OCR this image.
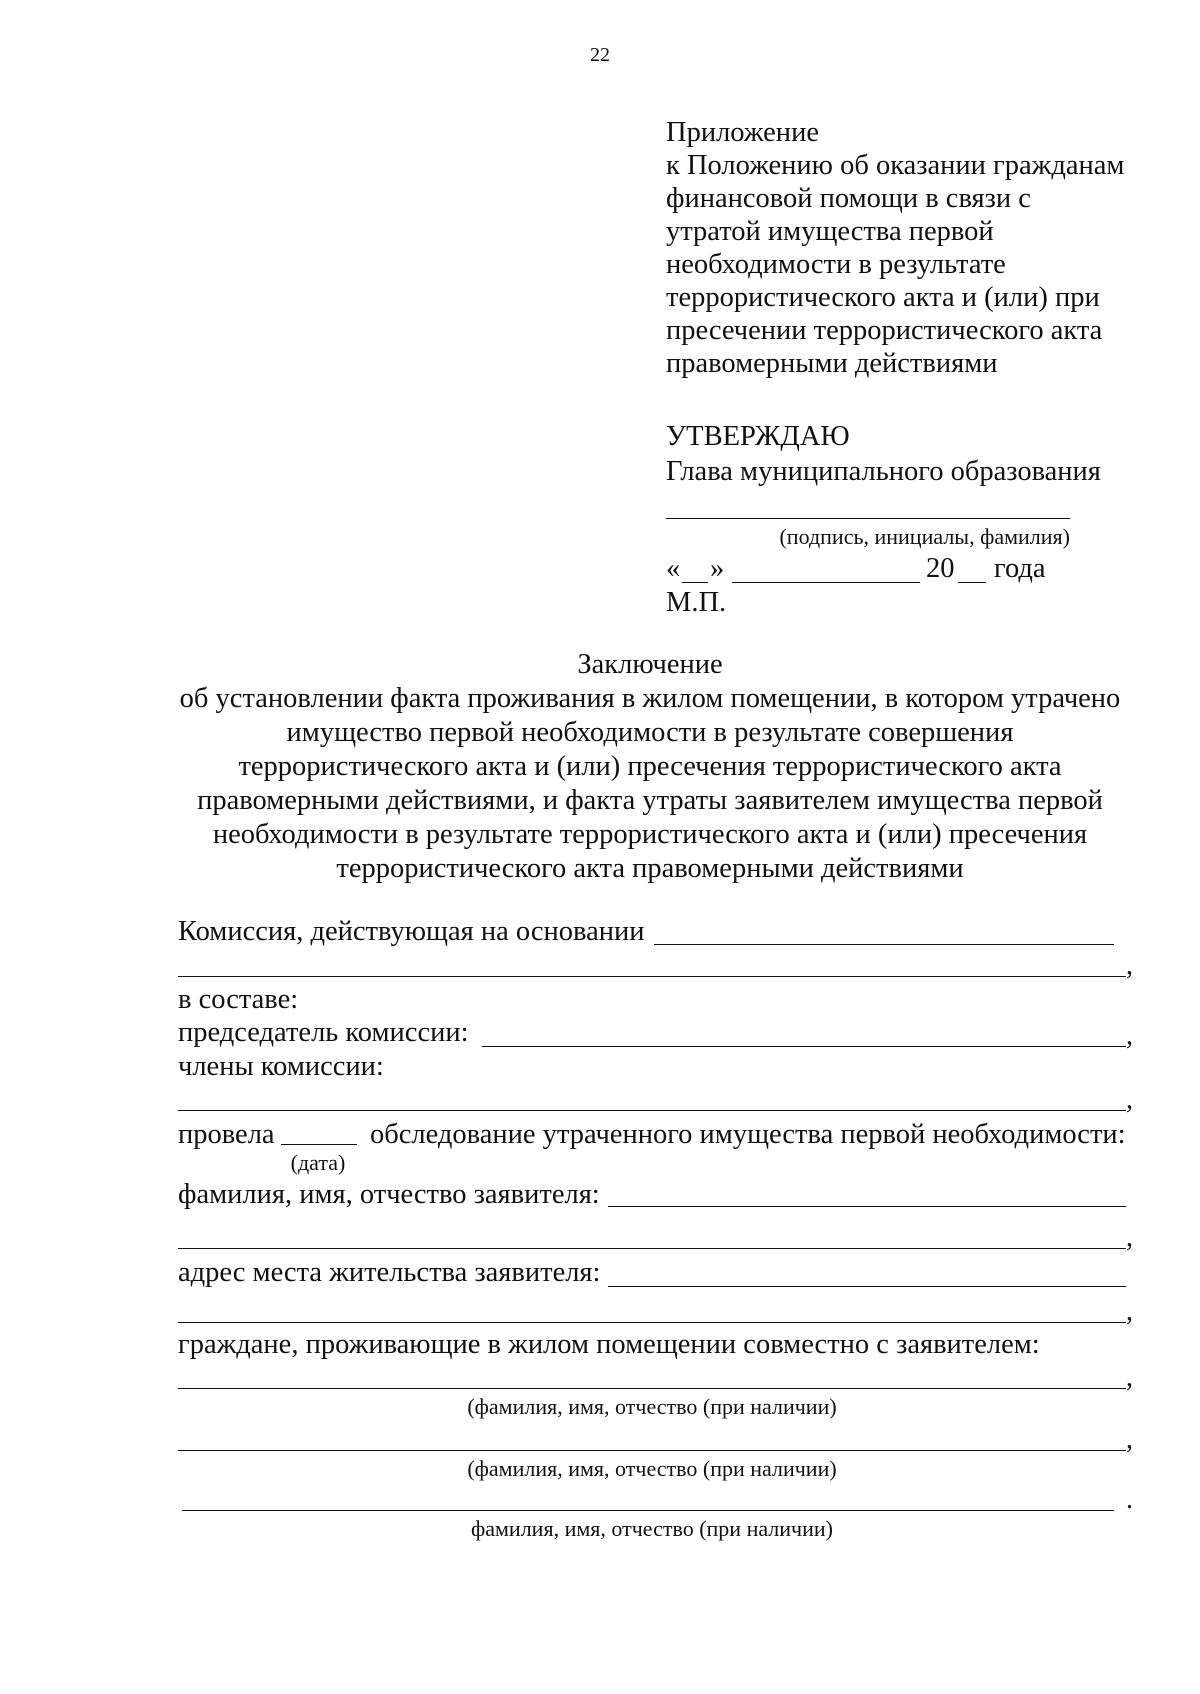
22
Приложение
к Положению об оказании гражданам
финансовой помощи в связи с
утратой имущества первой
необходимости в результате
террористического акта и (или) при
пресечении террористического акта
правомерными действиями
УТВЕРЖДАЮ
Глава муниципального образования
(подпись, инициалы, фамилия)
« »	20 года
М.П.
Заключение
об установлении факта проживания в жилом помещении, в котором утрачено
имущество первой необходимости в результате совершения
террористического акта и (или) пресечения террористического акта
правомерными действиями, и факта утраты заявителем имущества первой
необходимости в результате террористического акта и (или) пресечения
террористического акта правомерными действиями
Комиссия, действующая на основании
,
в составе:
председатель комиссии:	,
члены комиссии:
,
провела	обследование утраченного имущества первой необходимости:
(дата)
фамилия, имя, отчество заявителя:
,
адрес места жительства заявителя:
,
граждане, проживающие в жилом помещении совместно с заявителем:
,
(фамилия, имя, отчество (при наличии)
,
(фамилия, имя, отчество (при наличии)
.
фамилия, имя, отчество (при наличии)
